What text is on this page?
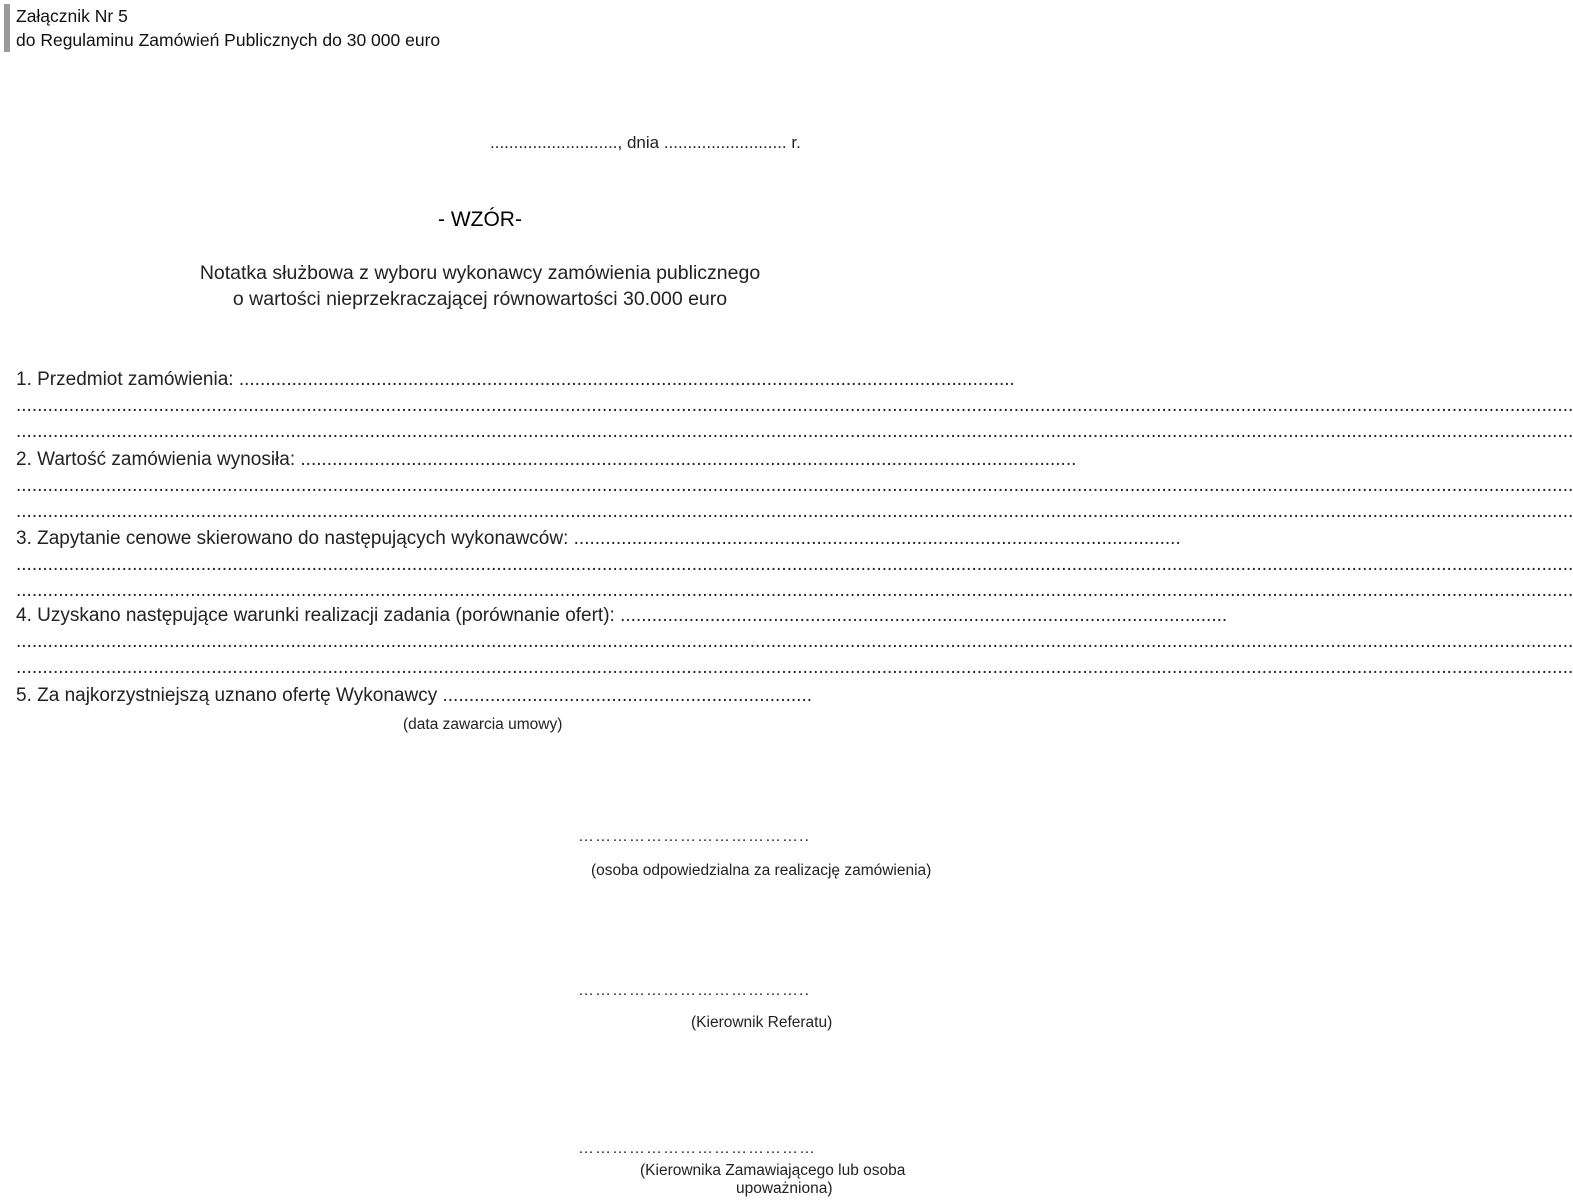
Załącznik Nr 5
do Regulaminu Zamówień Publicznych do 30 000 euro
..........................., dnia .......................... r.
- WZÓR-
Notatka służbowa z wyboru wykonawcy zamówienia publicznego
o wartości nieprzekraczającej równowartości 30.000 euro
1. Przedmiot zamówienia: ...................................................................................................................................................
.......................................................................................................................................................................................................................................................................................................
.......................................................................................................................................................................................................................................................................................................
2. Wartość zamówienia wynosiła: ...................................................................................................................................................
.......................................................................................................................................................................................................................................................................................................
.......................................................................................................................................................................................................................................................................................................
3. Zapytanie cenowe skierowano do następujących wykonawców: ...................................................................................................................
.......................................................................................................................................................................................................................................................................................................
.......................................................................................................................................................................................................................................................................................................
4. Uzyskano następujące warunki realizacji zadania (porównanie ofert): ...................................................................................................................
.......................................................................................................................................................................................................................................................................................................
.......................................................................................................................................................................................................................................................................................................
5. Za najkorzystniejszą uznano ofertę Wykonawcy ......................................................................
(data zawarcia umowy)
…………………………………..
(osoba odpowiedzialna za realizację zamówienia)
…………………………………..
(Kierownik Referatu)
……………………………………
(Kierownika Zamawiającego lub osoba
upoważniona)
